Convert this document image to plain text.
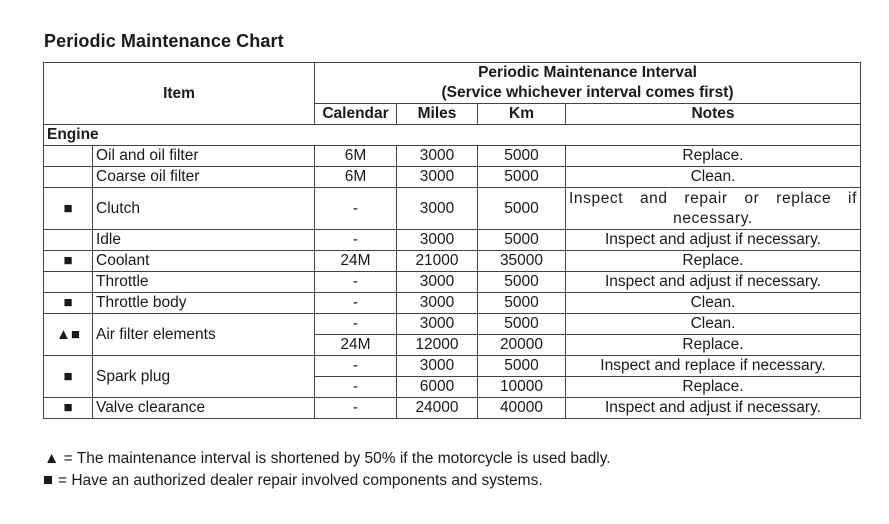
Periodic Maintenance Chart
Item		Periodic Maintenance Interval
(Service whichever interval comes first)			

		Calendar	Miles	Km	Notes
Engine					
	Oil and oil filter	6M	3000	5000	Replace.
	Coarse oil filter	6M	3000	5000	Clean.
■	Clutch	-	3000	5000	Inspect and repair or replace if necessary.
	Idle	-	3000	5000	Inspect and adjust if necessary.
■	Coolant	24M	21000	35000	Replace.
	Throttle	-	3000	5000	Inspect and adjust if necessary.
■	Throttle body	-	3000	5000	Clean.
▲■	Air filter elements	-	3000	5000	Clean.
		24M	12000	20000	Replace.
■	Spark plug	-	3000	5000	Inspect and replace if necessary.
		-	6000	10000	Replace.
■	Valve clearance	-	24000	40000	Inspect and adjust if necessary.
▲ = The maintenance interval is shortened by 50% if the motorcycle is used badly.
= Have an authorized dealer repair involved components and systems.
